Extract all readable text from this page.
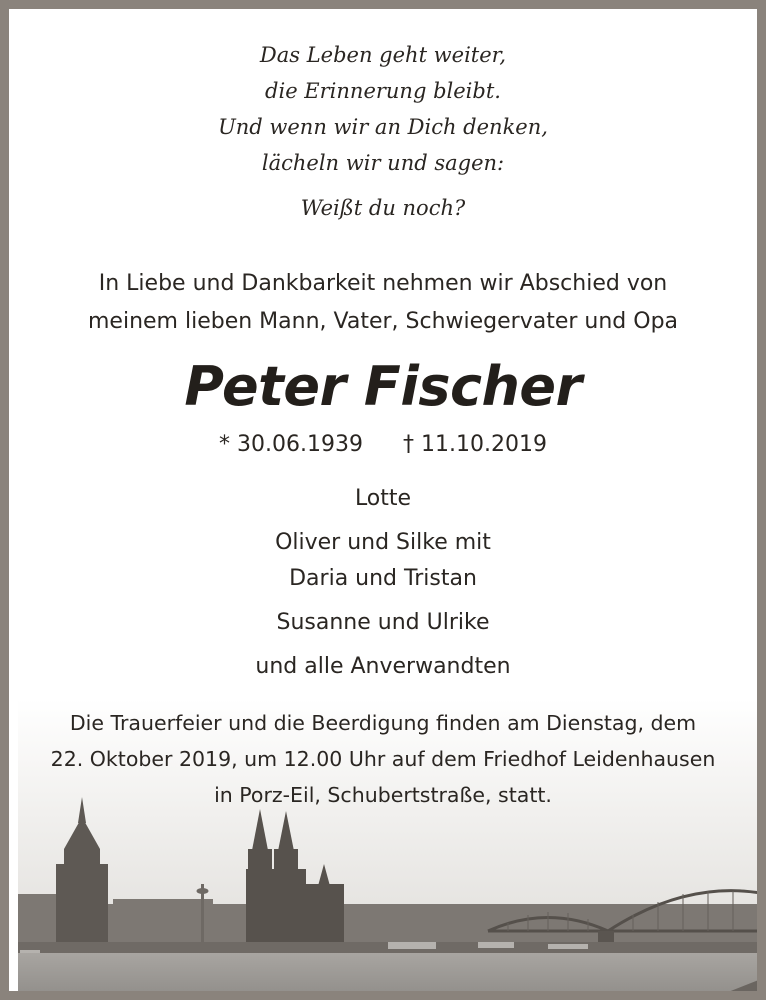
Das Leben geht weiter,
die Erinnerung bleibt.
Und wenn wir an Dich denken,
lächeln wir und sagen:
Weißt du noch?
In Liebe und Dankbarkeit nehmen wir Abschied von
meinem lieben Mann, Vater, Schwiegervater und Opa
Peter Fischer
* 30.06.1939 † 11.10.2019
Lotte
Oliver und Silke mit
Daria und Tristan
Susanne und Ulrike
und alle Anverwandten
Die Trauerfeier und die Beerdigung finden am Dienstag, dem
22. Oktober 2019, um 12.00 Uhr auf dem Friedhof Leidenhausen
in Porz-Eil, Schubertstraße, statt.
